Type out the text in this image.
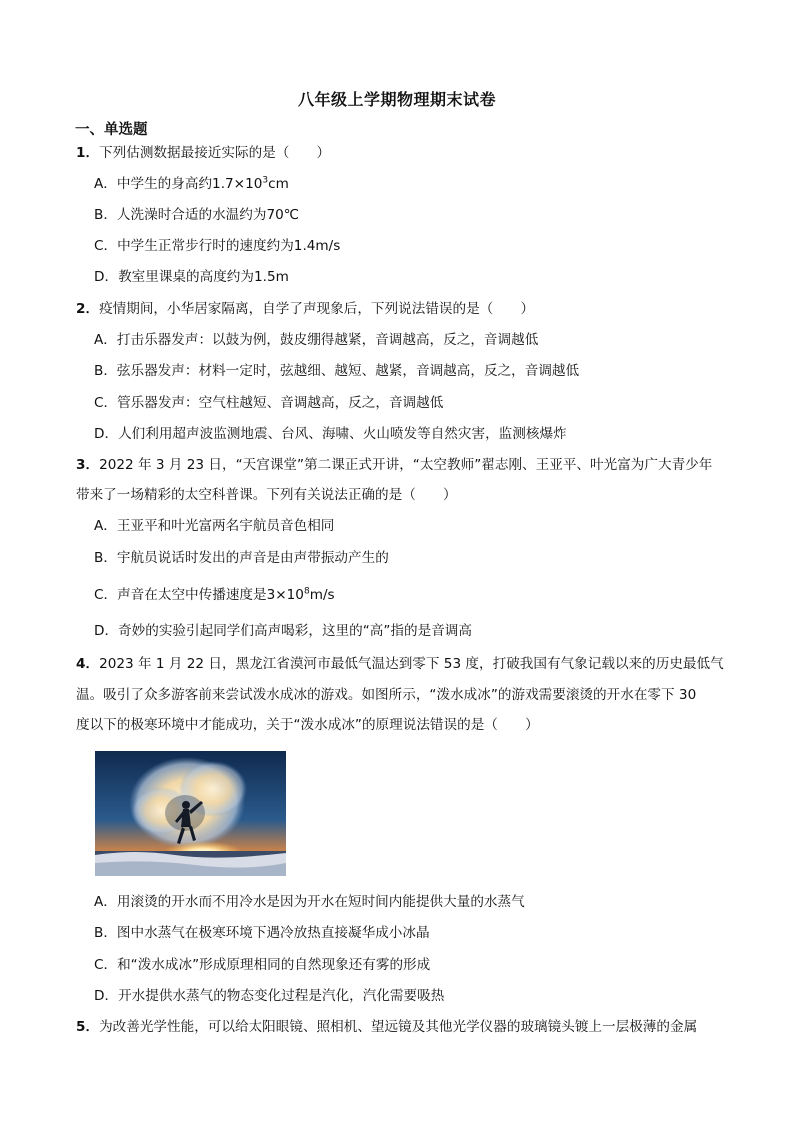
八年级上学期物理期末试卷
一、单选题
1．下列估测数据最接近实际的是（　　）
A．中学生的身高约$1.7\times 10^3cm$
B．人洗澡时合适的水温约为70℃
C．中学生正常步行时的速度约为1.4m/s
D．教室里课桌的高度约为1.5m
2．疫情期间，小华居家隔离，自学了声现象后，下列说法错误的是（　　）
A．打击乐器发声：以鼓为例，鼓皮绷得越紧，音调越高，反之，音调越低
B．弦乐器发声：材料一定时，弦越细、越短、越紧，音调越高，反之，音调越低
C．管乐器发声：空气柱越短、音调越高，反之，音调越低
D．人们利用超声波监测地震、台风、海啸、火山喷发等自然灾害，监测核爆炸
3．2022 年 3 月 23 日，“天宫课堂”第二课正式开讲，“太空教师”翟志刚、王亚平、叶光富为广大青少年
带来了一场精彩的太空科普课。下列有关说法正确的是（　　）
A．王亚平和叶光富两名宇航员音色相同
B．宇航员说话时发出的声音是由声带振动产生的
C．声音在太空中传播速度是$3\times 10^8m/s$
D．奇妙的实验引起同学们高声喝彩，这里的“高”指的是音调高
4．2023 年 1 月 22 日，黑龙江省漠河市最低气温达到零下 53 度，打破我国有气象记载以来的历史最低气
温。吸引了众多游客前来尝试泼水成冰的游戏。如图所示，“泼水成冰”的游戏需要滚烫的开水在零下 30
度以下的极寒环境中才能成功，关于“泼水成冰”的原理说法错误的是（　　）
A．用滚烫的开水而不用冷水是因为开水在短时间内能提供大量的水蒸气
B．图中水蒸气在极寒环境下遇冷放热直接凝华成小冰晶
C．和“泼水成冰”形成原理相同的自然现象还有雾的形成
D．开水提供水蒸气的物态变化过程是汽化，汽化需要吸热
5．为改善光学性能，可以给太阳眼镜、照相机、望远镜及其他光学仪器的玻璃镜头镀上一层极薄的金属
